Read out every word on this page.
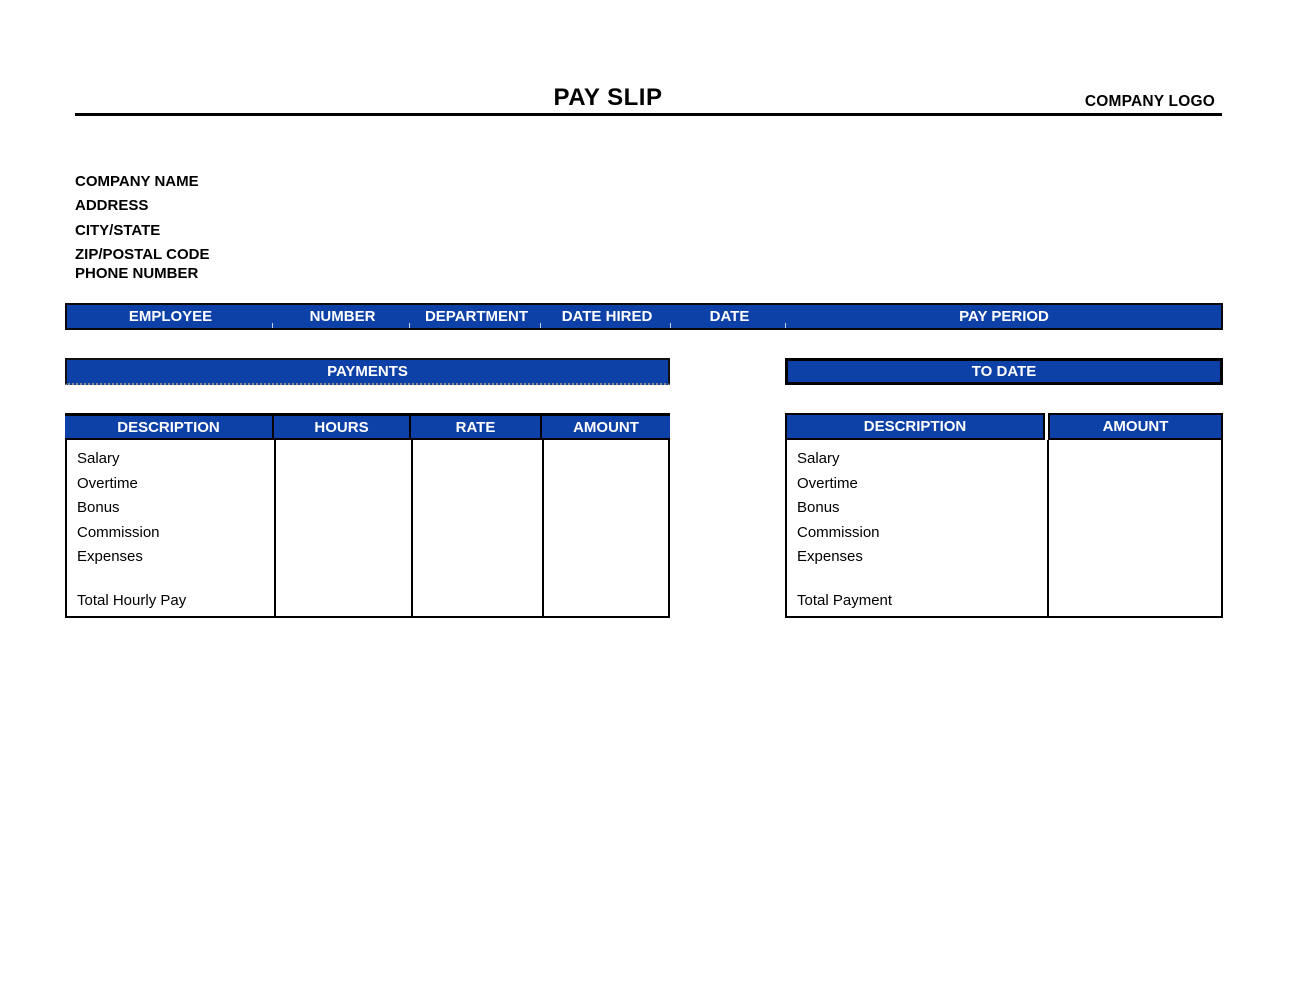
PAY SLIP	COMPANY LOGO
COMPANY NAME
ADDRESS
CITY/STATE
ZIP/POSTAL CODE
PHONE NUMBER
EMPLOYEE	NUMBER	DEPARTMENT	DATE HIRED	DATE	PAY PERIOD
PAYMENTS	TO DATE
DESCRIPTION	HOURS	RATE	AMOUNT
Salary
Overtime
Bonus
Commission
Expenses
Total Hourly Pay
DESCRIPTION	AMOUNT
Salary
Overtime
Bonus
Commission
Expenses
Total Payment
